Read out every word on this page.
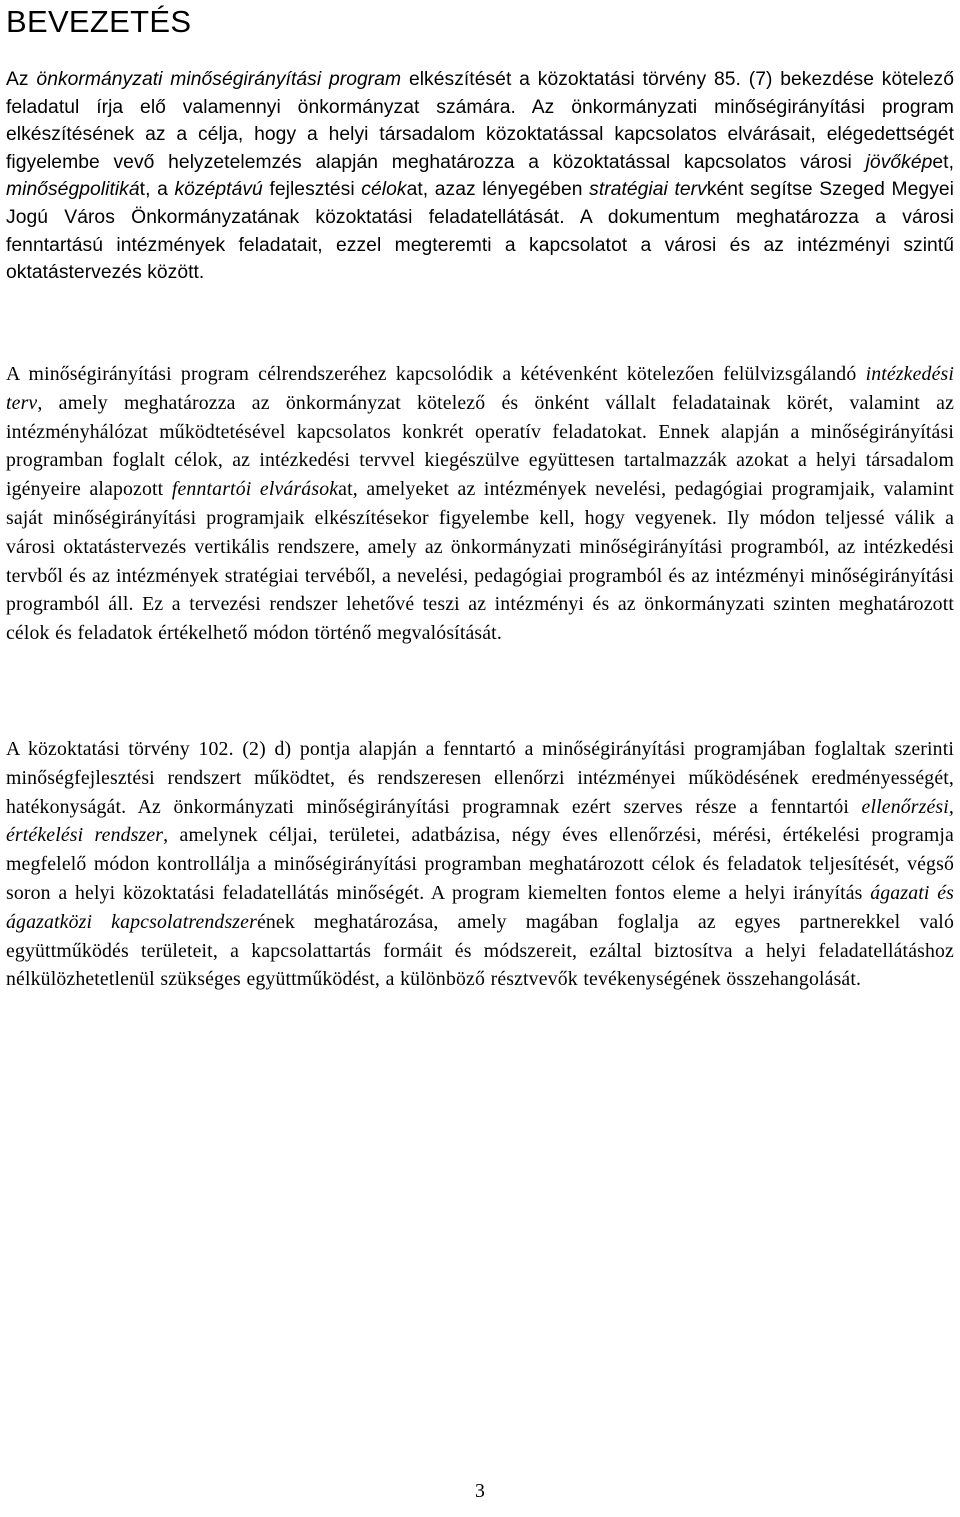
BEVEZETÉS

Az önkormányzati minőségirányítási program elkészítését a közoktatási törvény 85. (7) bekezdése kötelező feladatul írja elő valamennyi önkormányzat számára. Az önkormányzati minőségirányítási program elkészítésének az a célja, hogy a helyi társadalom közoktatással kapcsolatos elvárásait, elégedettségét figyelembe vevő helyzetelemzés alapján meghatározza a közoktatással kapcsolatos városi jövőképet, minőségpolitikát, a középtávú fejlesztési célokat, azaz lényegében stratégiai tervként segítse Szeged Megyei Jogú Város Önkormányzatának közoktatási feladatellátását. A dokumentum meghatározza a városi fenntartású intézmények feladatait, ezzel megteremti a kapcsolatot a városi és az intézményi szintű oktatástervezés között.

A minőségirányítási program célrendszeréhez kapcsolódik a kétévenként kötelezően felülvizsgálandó intézkedési terv, amely meghatározza az önkormányzat kötelező és önként vállalt feladatainak körét, valamint az intézményhálózat működtetésével kapcsolatos konkrét operatív feladatokat. Ennek alapján a minőségirányítási programban foglalt célok, az intézkedési tervvel kiegészülve együttesen tartalmazzák azokat a helyi társadalom igényeire alapozott fenntartói elvárásokat, amelyeket az intézmények nevelési, pedagógiai programjaik, valamint saját minőségirányítási programjaik elkészítésekor figyelembe kell, hogy vegyenek. Ily módon teljessé válik a városi oktatástervezés vertikális rendszere, amely az önkormányzati minőségirányítási programból, az intézkedési tervből és az intézmények stratégiai tervéből, a nevelési, pedagógiai programból és az intézményi minőségirányítási programból áll. Ez a tervezési rendszer lehetővé teszi az intézményi és az önkormányzati szinten meghatározott célok és feladatok értékelhető módon történő megvalósítását.

A közoktatási törvény 102. (2) d) pontja alapján a fenntartó a minőségirányítási programjában foglaltak szerinti minőségfejlesztési rendszert működtet, és rendszeresen ellenőrzi intézményei működésének eredményességét, hatékonyságát. Az önkormányzati minőségirányítási programnak ezért szerves része a fenntartói ellenőrzési, értékelési rendszer, amelynek céljai, területei, adatbázisa, négy éves ellenőrzési, mérési, értékelési programja megfelelő módon kontrollálja a minőségirányítási programban meghatározott célok és feladatok teljesítését, végső soron a helyi közoktatási feladatellátás minőségét. A program kiemelten fontos eleme a helyi irányítás ágazati és ágazatközi kapcsolatrendszerének meghatározása, amely magában foglalja az egyes partnerekkel való együttműködés területeit, a kapcsolattartás formáit és módszereit, ezáltal biztosítva a helyi feladatellátáshoz nélkülözhetetlenül szükséges együttműködést, a különböző résztvevők tevékenységének összehangolását.

3
